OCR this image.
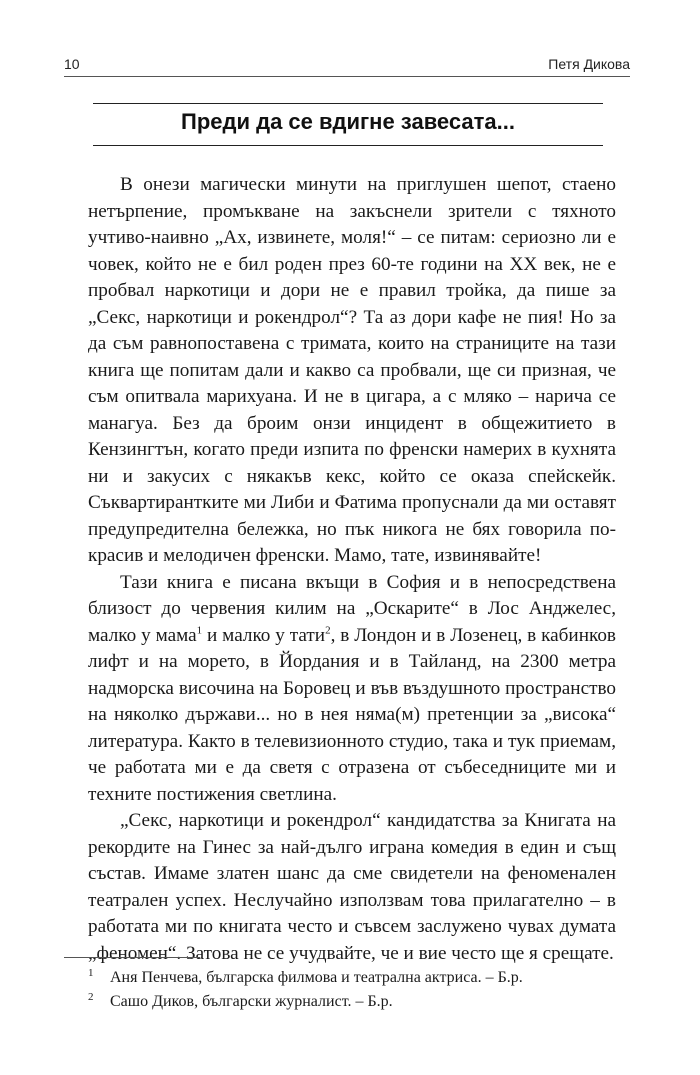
10	Петя Дикова
Преди да се вдигне завесата...

В онези магически минути на приглушен шепот, стаено нетърпение, промъкване на закъснели зрители с тяхното учтиво-наивно „Ах, извинете, моля!“ – се питам: сериозно ли е човек, който не е бил роден през 60-те години на XX век, не е пробвал наркотици и дори не е правил тройка, да пише за „Секс, наркотици и рокендрол“? Та аз дори кафе не пия! Но за да съм равнопоставена с тримата, които на страниците на тази книга ще попитам дали и какво са пробвали, ще си призная, че съм опитвала марихуана. И не в цигара, а с мляко – нарича се манагуа. Без да броим онзи инцидент в общежитието в Кензингтън, когато преди изпита по френски намерих в кухнята ни и закусих с някакъв кекс, който се оказа спейскейк. Съквартирантките ми Либи и Фатима пропуснали да ми оставят предупредителна бележка, но пък никога не бях говорила по-красив и мелодичен френски. Мамо, тате, извинявайте!

Тази книга е писана вкъщи в София и в непосредствена близост до червения килим на „Оскарите“ в Лос Анджелес, малко у мама$^1$ и малко у тати$^2$, в Лондон и в Лозенец, в кабинков лифт и на морето, в Йордания и в Тайланд, на 2300 метра надморска височина на Боровец и във въздушното пространство на няколко държави... но в нея няма(м) претенции за „висока“ литература. Както в телевизионното студио, така и тук приемам, че работата ми е да светя с отразена от събеседниците ми и техните постижения светлина.

„Секс, наркотици и рокендрол“ кандидатства за Книгата на рекордите на Гинес за най-дълго играна комедия в един и същ състав. Имаме златен шанс да сме свидетели на феноменален театрален успех. Неслучайно използвам това прилагателно – в работата ми по книгата често и съвсем заслужено чувах думата „феномен“. Затова не се учудвайте, че и вие често ще я срещате.

1 Аня Пенчева, българска филмова и театрална актриса. – Б.р.
2 Сашо Диков, български журналист. – Б.р.
